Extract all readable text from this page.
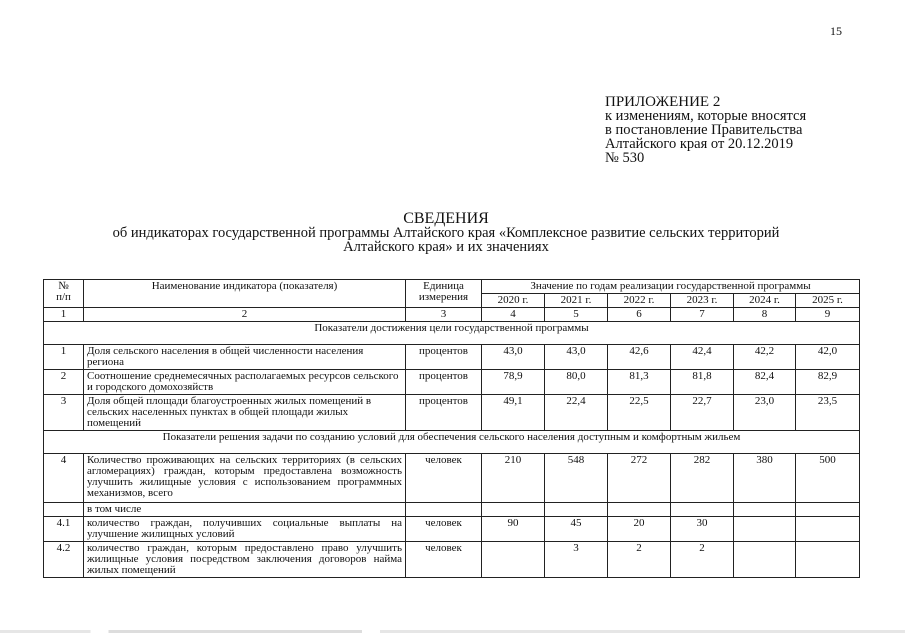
15
ПРИЛОЖЕНИЕ 2
к изменениям, которые вносятся
в постановление Правительства
Алтайского края от 20.12.2019
№ 530
СВЕДЕНИЯ
об индикаторах государственной программы Алтайского края «Комплексное развитие сельских территорий
Алтайского края» и их значениях
№
п/п	Наименование индикатора (показателя)	Единица измерения	Значение по годам реализации государственной программы					
			2020 г.	2021 г.	2022 г.	2023 г.	2024 г.	2025 г.
1	2	3	4	5	6	7	8	9
Показатели достижения цели государственной программы								
1	Доля сельского населения в общей численности населения региона	процентов	43,0	43,0	42,6	42,4	42,2	42,0
2	Соотношение среднемесячных располагаемых ресурсов сельского и городского домохозяйств	процентов	78,9	80,0	81,3	81,8	82,4	82,9
3	Доля общей площади благоустроенных жилых помещений в сельских населенных пунктах в общей площади жилых помещений	процентов	49,1	22,4	22,5	22,7	23,0	23,5
Показатели решения задачи по созданию условий для обеспечения сельского населения доступным и комфортным жильем								
4	Количество проживающих на сельских территориях (в сельских агломерациях) граждан, которым предоставлена возможность улучшить жилищные условия с использованием программных механизмов, всего	человек	210	548	272	282	380	500
	в том числе							
4.1	количество граждан, получивших социальные выплаты на улучшение жилищных условий	человек	90	45	20	30		
4.2	количество граждан, которым предоставлено право улучшить жилищные условия посредством заключения договоров найма жилых помещений	человек		3	2	2		
